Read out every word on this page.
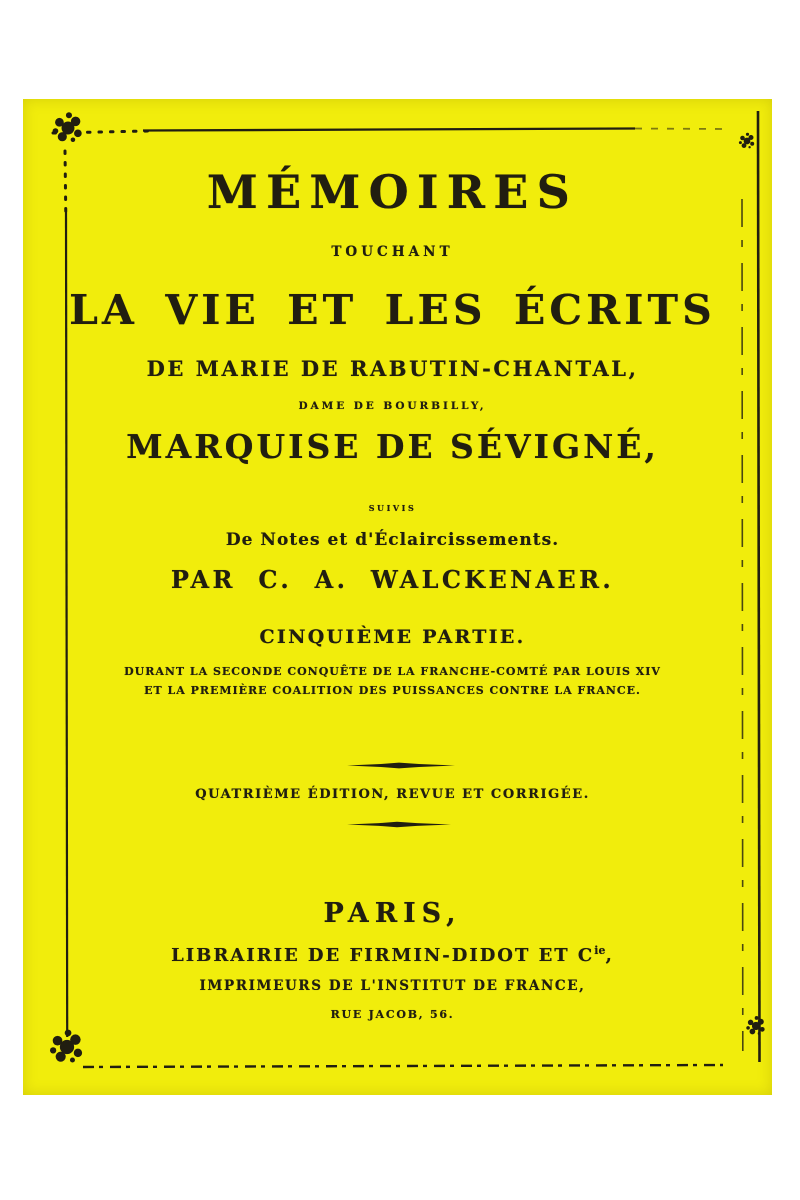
MÉMOIRES
TOUCHANT
LA VIE ET LES ÉCRITS
DE MARIE DE RABUTIN-CHANTAL,
DAME DE BOURBILLY,
MARQUISE DE SÉVIGNÉ,
SUIVIS
De Notes et d'Éclaircissements.
PAR C. A. WALCKENAER.
CINQUIÈME PARTIE.
DURANT LA SECONDE CONQUÊTE DE LA FRANCHE-COMTÉ PAR LOUIS XIV
ET LA PREMIÈRE COALITION DES PUISSANCES CONTRE LA FRANCE.
QUATRIÈME ÉDITION, REVUE ET CORRIGÉE.
PARIS,
LIBRAIRIE DE FIRMIN-DIDOT ET $C^{ie}$,
IMPRIMEURS DE L'INSTITUT DE FRANCE,
RUE JACOB, 56.
